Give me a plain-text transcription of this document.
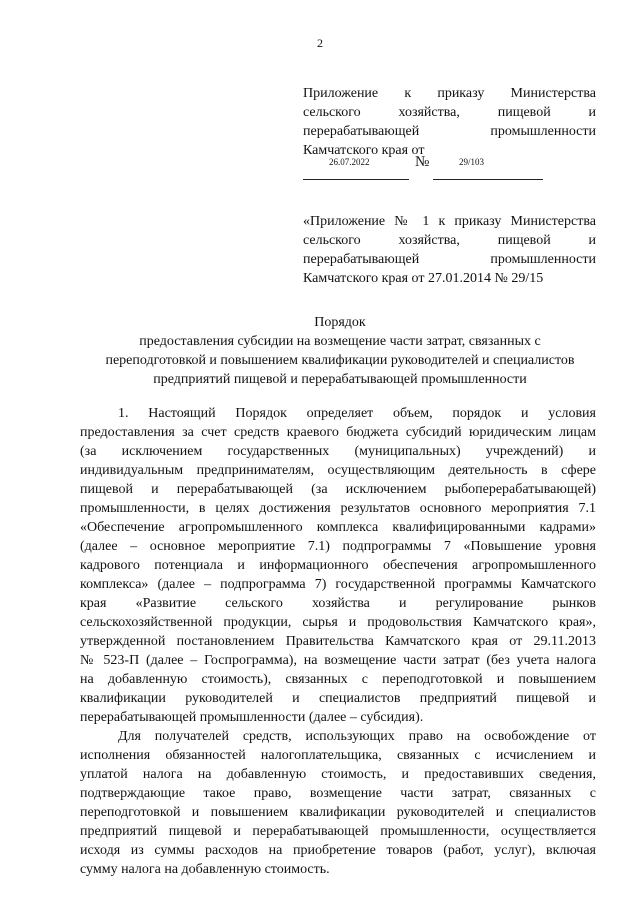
2
Приложение к приказу Министерства
сельского хозяйства, пищевой и
перерабатывающей промышленности
Камчатского края от
26.07.2022	№	29/103
«Приложение № 1 к приказу Министерства
сельского хозяйства, пищевой и
перерабатывающей промышленности
Камчатского края от 27.01.2014 № 29/15
Порядок
предоставления субсидии на возмещение части затрат, связанных с
переподготовкой и повышением квалификации руководителей и специалистов
предприятий пищевой и перерабатывающей промышленности
1. Настоящий Порядок определяет объем, порядок и условия
предоставления за счет средств краевого бюджета субсидий юридическим лицам
(за исключением государственных (муниципальных) учреждений) и
индивидуальным предпринимателям, осуществляющим деятельность в сфере
пищевой и перерабатывающей (за исключением рыбоперерабатывающей)
промышленности, в целях достижения результатов основного мероприятия 7.1
«Обеспечение агропромышленного комплекса квалифицированными кадрами»
(далее – основное мероприятие 7.1) подпрограммы 7 «Повышение уровня
кадрового потенциала и информационного обеспечения агропромышленного
комплекса» (далее – подпрограмма 7) государственной программы Камчатского
края «Развитие сельского хозяйства и регулирование рынков
сельскохозяйственной продукции, сырья и продовольствия Камчатского края»,
утвержденной постановлением Правительства Камчатского края от 29.11.2013
№ 523-П (далее – Госпрограмма), на возмещение части затрат (без учета налога
на добавленную стоимость), связанных с переподготовкой и повышением
квалификации руководителей и специалистов предприятий пищевой и
перерабатывающей промышленности (далее – субсидия).
Для получателей средств, использующих право на освобождение от
исполнения обязанностей налогоплательщика, связанных с исчислением и
уплатой налога на добавленную стоимость, и предоставивших сведения,
подтверждающие такое право, возмещение части затрат, связанных с
переподготовкой и повышением квалификации руководителей и специалистов
предприятий пищевой и перерабатывающей промышленности, осуществляется
исходя из суммы расходов на приобретение товаров (работ, услуг), включая
сумму налога на добавленную стоимость.
